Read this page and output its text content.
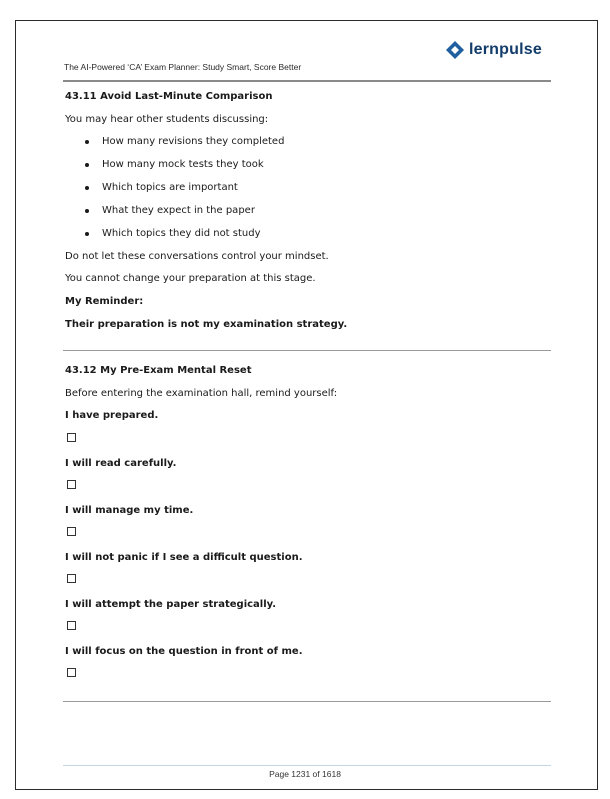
lernpulse
The AI-Powered ‘CA’ Exam Planner: Study Smart, Score Better
43.11 Avoid Last-Minute Comparison
You may hear other students discussing:
How many revisions they completed
How many mock tests they took
Which topics are important
What they expect in the paper
Which topics they did not study
Do not let these conversations control your mindset.
You cannot change your preparation at this stage.
My Reminder:
Their preparation is not my examination strategy.
43.12 My Pre-Exam Mental Reset
Before entering the examination hall, remind yourself:
I have prepared.
I will read carefully.
I will manage my time.
I will not panic if I see a difficult question.
I will attempt the paper strategically.
I will focus on the question in front of me.
Page 1231 of 1618
